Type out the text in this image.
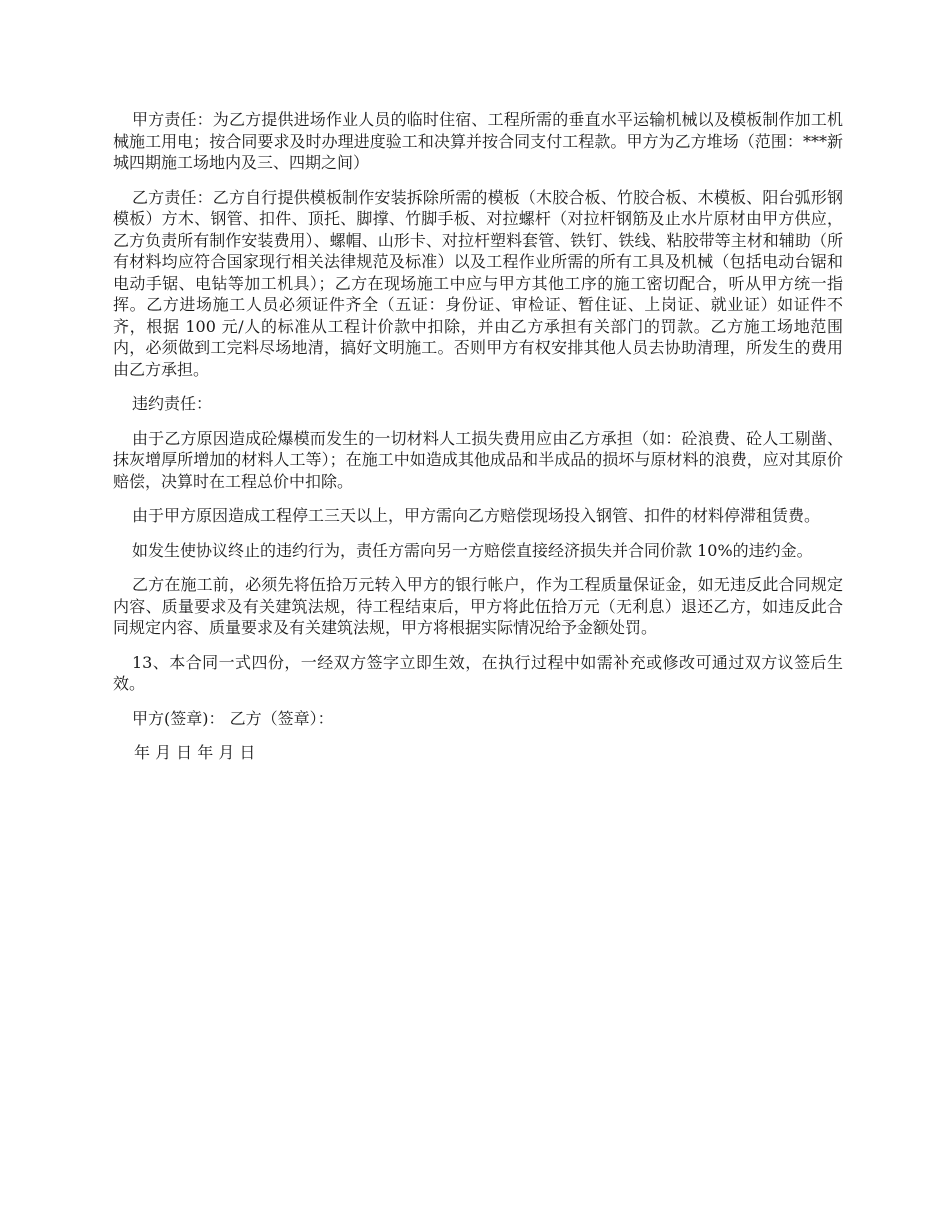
甲方责任：为乙方提供进场作业人员的临时住宿、工程所需的垂直水平运输机械以及模板制作加工机械施工用电；按合同要求及时办理进度验工和决算并按合同支付工程款。甲方为乙方堆场（范围：***新城四期施工场地内及三、四期之间）

乙方责任：乙方自行提供模板制作安装拆除所需的模板（木胶合板、竹胶合板、木模板、阳台弧形钢模板）方木、钢管、扣件、顶托、脚撑、竹脚手板、对拉螺杆（对拉杆钢筋及止水片原材由甲方供应，乙方负责所有制作安装费用）、螺帽、山形卡、对拉杆塑料套管、铁钉、铁线、粘胶带等主材和辅助（所有材料均应符合国家现行相关法律规范及标准）以及工程作业所需的所有工具及机械（包括电动台锯和电动手锯、电钻等加工机具）；乙方在现场施工中应与甲方其他工序的施工密切配合，听从甲方统一指挥。乙方进场施工人员必须证件齐全（五证：身份证、审检证、暂住证、上岗证、就业证）如证件不齐，根据 100 元/人的标准从工程计价款中扣除，并由乙方承担有关部门的罚款。乙方施工场地范围内，必须做到工完料尽场地清，搞好文明施工。否则甲方有权安排其他人员去协助清理，所发生的费用由乙方承担。

违约责任：

由于乙方原因造成砼爆模而发生的一切材料人工损失费用应由乙方承担（如：砼浪费、砼人工剔凿、抹灰增厚所增加的材料人工等）；在施工中如造成其他成品和半成品的损坏与原材料的浪费，应对其原价赔偿，决算时在工程总价中扣除。

由于甲方原因造成工程停工三天以上，甲方需向乙方赔偿现场投入钢管、扣件的材料停滞租赁费。

如发生使协议终止的违约行为，责任方需向另一方赔偿直接经济损失并合同价款 10%的违约金。

乙方在施工前，必须先将伍拾万元转入甲方的银行帐户，作为工程质量保证金，如无违反此合同规定内容、质量要求及有关建筑法规，待工程结束后，甲方将此伍拾万元（无利息）退还乙方，如违反此合同规定内容、质量要求及有关建筑法规，甲方将根据实际情况给予金额处罚。

13、本合同一式四份，一经双方签字立即生效，在执行过程中如需补充或修改可通过双方议签后生效。

甲方(签章)： 乙方（签章）：

年 月 日 年 月 日
